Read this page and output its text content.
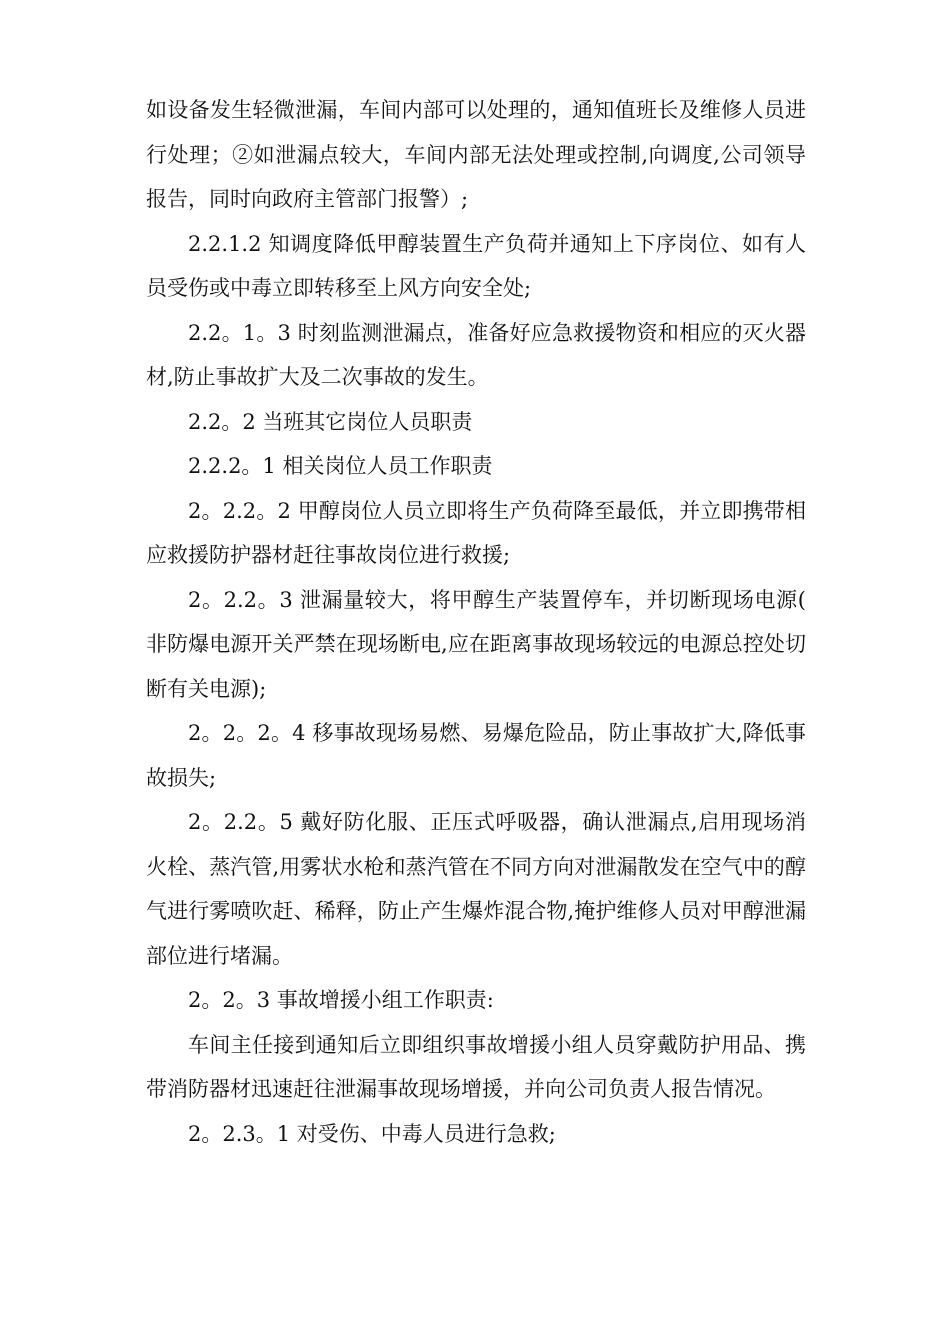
如设备发生轻微泄漏，车间内部可以处理的，通知值班长及维修人员进行处理；②如泄漏点较大，车间内部无法处理或控制,向调度,公司领导报告，同时向政府主管部门报警）;

2.2.1.2 知调度降低甲醇装置生产负荷并通知上下序岗位、如有人员受伤或中毒立即转移至上风方向安全处;

2.2。1。3 时刻监测泄漏点，准备好应急救援物资和相应的灭火器材,防止事故扩大及二次事故的发生。

2.2。2 当班其它岗位人员职责

2.2.2。1 相关岗位人员工作职责

2。2.2。2 甲醇岗位人员立即将生产负荷降至最低，并立即携带相应救援防护器材赶往事故岗位进行救援;

2。2.2。3 泄漏量较大，将甲醇生产装置停车，并切断现场电源(非防爆电源开关严禁在现场断电,应在距离事故现场较远的电源总控处切断有关电源);

2。2。2。4 移事故现场易燃、易爆危险品，防止事故扩大,降低事故损失;

2。2.2。5 戴好防化服、正压式呼吸器，确认泄漏点,启用现场消火栓、蒸汽管,用雾状水枪和蒸汽管在不同方向对泄漏散发在空气中的醇气进行雾喷吹赶、稀释，防止产生爆炸混合物,掩护维修人员对甲醇泄漏部位进行堵漏。

2。2。3 事故增援小组工作职责:

车间主任接到通知后立即组织事故增援小组人员穿戴防护用品、携带消防器材迅速赶往泄漏事故现场增援，并向公司负责人报告情况。

2。2.3。1 对受伤、中毒人员进行急救;
